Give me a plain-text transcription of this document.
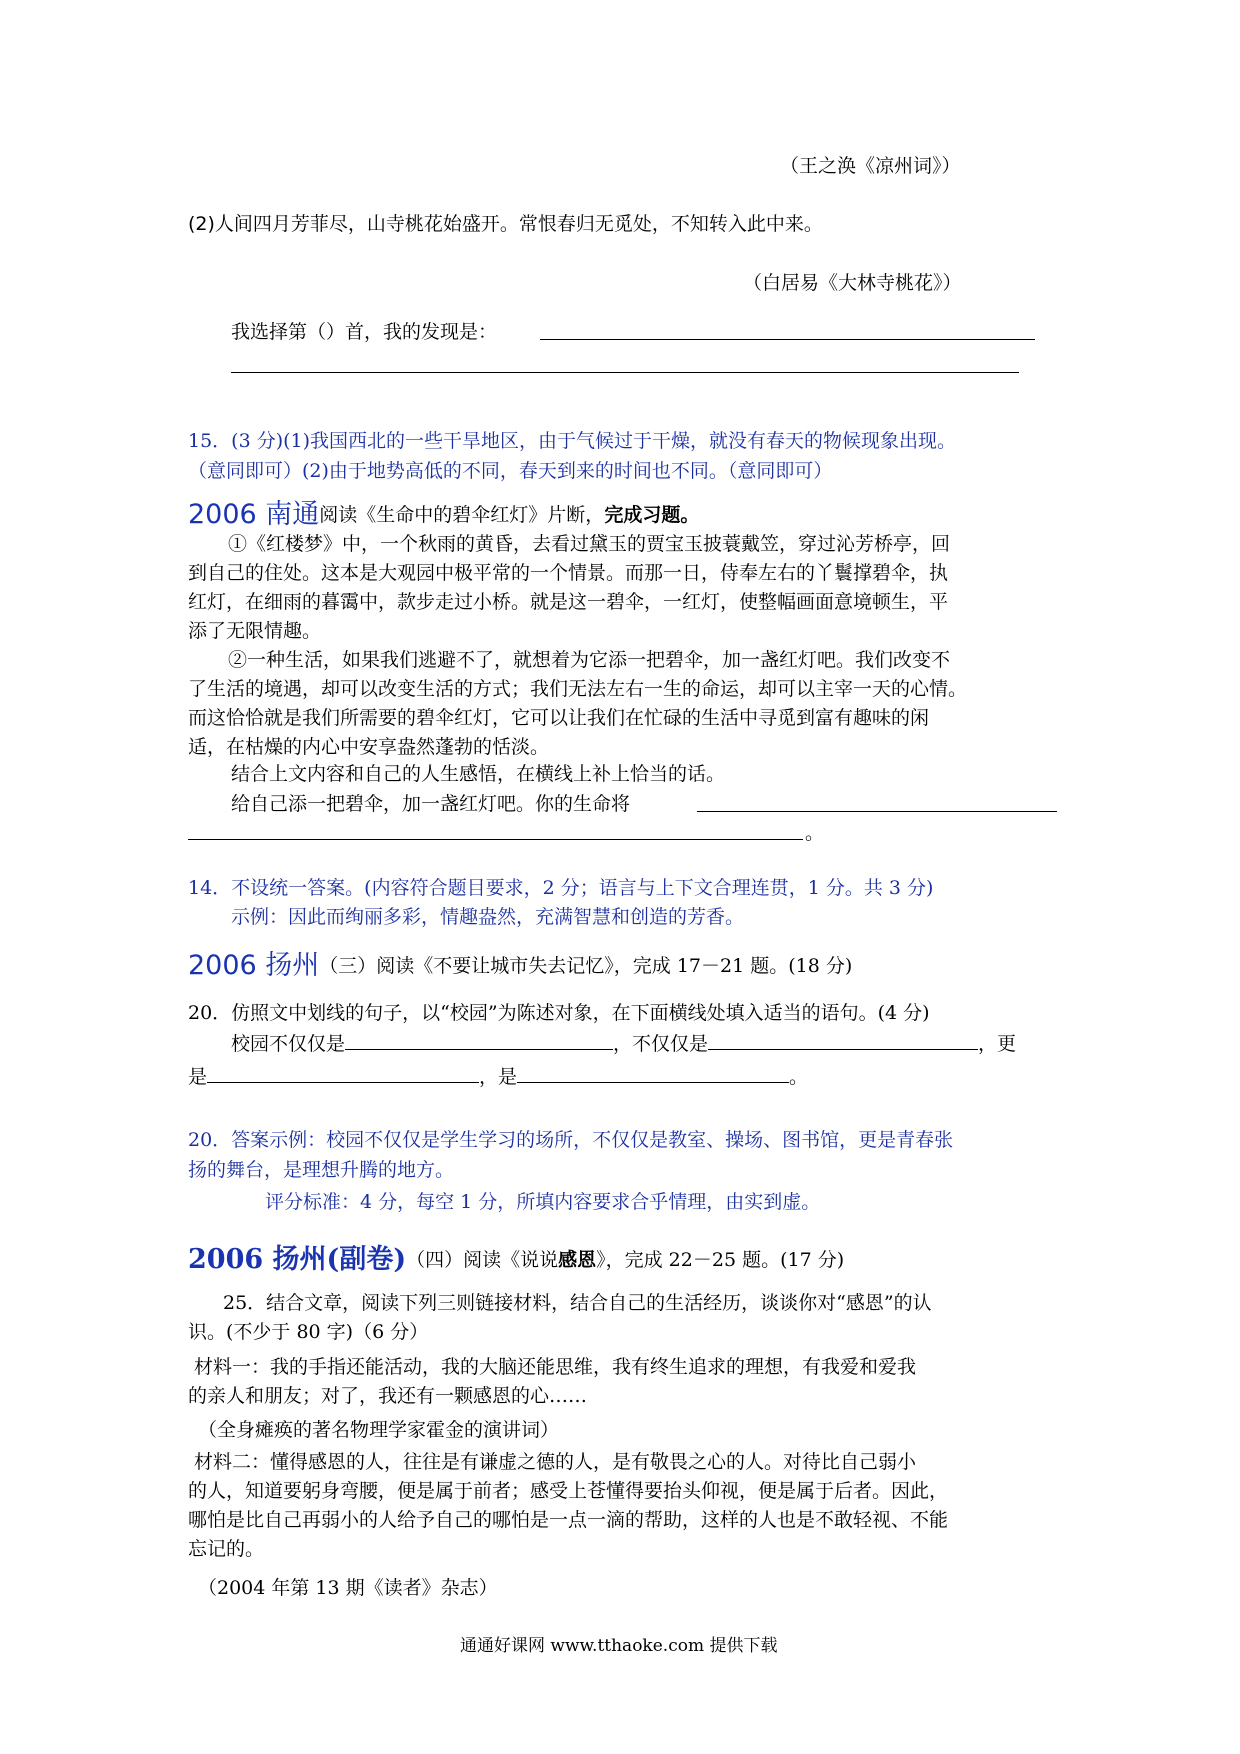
（王之涣《凉州词》）
(2)人间四月芳菲尽，山寺桃花始盛开。常恨春归无觅处，不知转入此中来。
（白居易《大林寺桃花》）
我选择第（）首，我的发现是：
15．(3 分)(1)我国西北的一些干旱地区，由于气候过于干燥，就没有春天的物候现象出现。
（意同即可）(2)由于地势高低的不同，春天到来的时间也不同。（意同即可）
2006 南通阅读《生命中的碧伞红灯》片断，完成习题。
①《红楼梦》中，一个秋雨的黄昏，去看过黛玉的贾宝玉披蓑戴笠，穿过沁芳桥亭，回
到自己的住处。这本是大观园中极平常的一个情景。而那一日，侍奉左右的丫鬟撑碧伞，执
红灯，在细雨的暮霭中，款步走过小桥。就是这一碧伞，一红灯，使整幅画面意境顿生，平
添了无限情趣。
②一种生活，如果我们逃避不了，就想着为它添一把碧伞，加一盏红灯吧。我们改变不
了生活的境遇，却可以改变生活的方式；我们无法左右一生的命运，却可以主宰一天的心情。
而这恰恰就是我们所需要的碧伞红灯，它可以让我们在忙碌的生活中寻觅到富有趣味的闲
适，在枯燥的内心中安享盎然蓬勃的恬淡。
结合上文内容和自己的人生感悟，在横线上补上恰当的话。
给自己添一把碧伞，加一盏红灯吧。你的生命将
。
14．不设统一答案。(内容符合题目要求，2 分；语言与上下文合理连贯，1 分。共 3 分)
示例：因此而绚丽多彩，情趣盎然，充满智慧和创造的芳香。
2006 扬州（三）阅读《不要让城市失去记忆》，完成 17－21 题。(18 分)
20．仿照文中划线的句子，以“校园”为陈述对象，在下面横线处填入适当的语句。(4 分)
校园不仅仅是	，不仅仅是	，更
是	，是	。
20．答案示例：校园不仅仅是学生学习的场所，不仅仅是教室、操场、图书馆，更是青春张
扬的舞台，是理想升腾的地方。
评分标准：4 分，每空 1 分，所填内容要求合乎情理，由实到虚。
2006 扬州(副卷)（四）阅读《说说感恩》，完成 22－25 题。(17 分)
25．结合文章，阅读下列三则链接材料，结合自己的生活经历，谈谈你对“感恩”的认
识。(不少于 80 字)（6 分）
材料一：我的手指还能活动，我的大脑还能思维，我有终生追求的理想，有我爱和爱我
的亲人和朋友；对了，我还有一颗感恩的心……
（全身瘫痪的著名物理学家霍金的演讲词）
材料二：懂得感恩的人，往往是有谦虚之德的人，是有敬畏之心的人。对待比自己弱小
的人，知道要躬身弯腰，便是属于前者；感受上苍懂得要抬头仰视，便是属于后者。因此，
哪怕是比自己再弱小的人给予自己的哪怕是一点一滴的帮助，这样的人也是不敢轻视、不能
忘记的。
（2004 年第 13 期《读者》杂志）
通通好课网 www.tthaoke.com 提供下载
